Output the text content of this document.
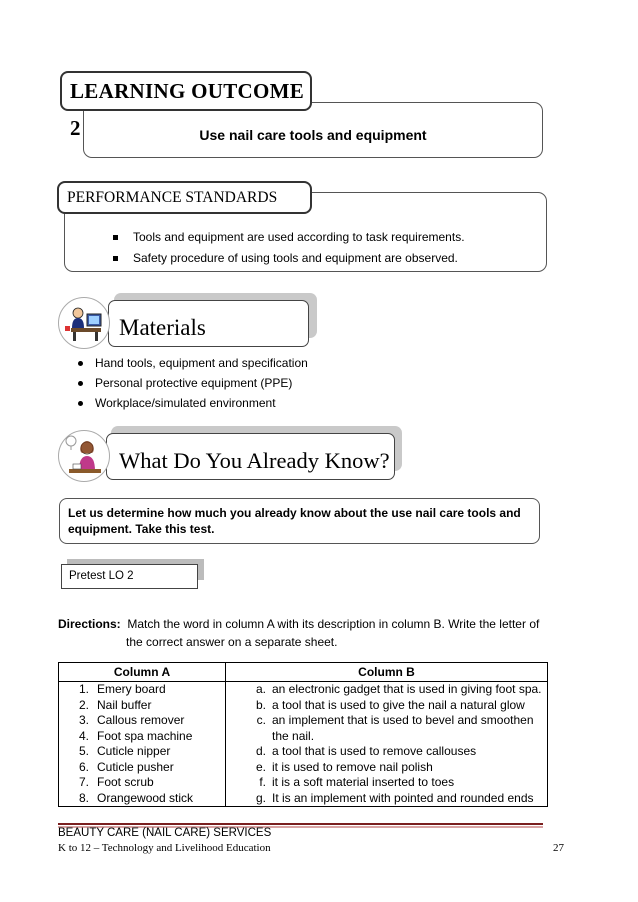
Use nail care tools and equipment
LEARNING OUTCOME 2
PERFORMANCE STANDARDS
Tools and equipment are used according to task requirements.
Safety procedure of using tools and equipment are observed.
Materials
Hand tools, equipment and specification
Personal protective equipment (PPE)
Workplace/simulated environment
What Do You Already Know?
Let us determine how much you already know about the use nail care tools and equipment. Take this test.
Pretest LO 2
Directions: Match the word in column A with its description in column B. Write the letter of
the correct answer on a separate sheet.
Column A	Column B
1. Emery board	a. an electronic gadget that is used in giving foot spa.
2. Nail buffer	b. a tool that is used to give the nail a natural glow
3. Callous remover	c. an implement that is used to bevel and smoothen
4. Foot spa machine	the nail.
5. Cuticle nipper	d. a tool that is used to remove callouses
6. Cuticle pusher	e. it is used to remove nail polish
7. Foot scrub	f. it is a soft material inserted to toes
8. Orangewood stick	g. It is an implement with pointed and rounded ends
BEAUTY CARE (NAIL CARE) SERVICES
K to 12 – Technology and Livelihood Education	27
